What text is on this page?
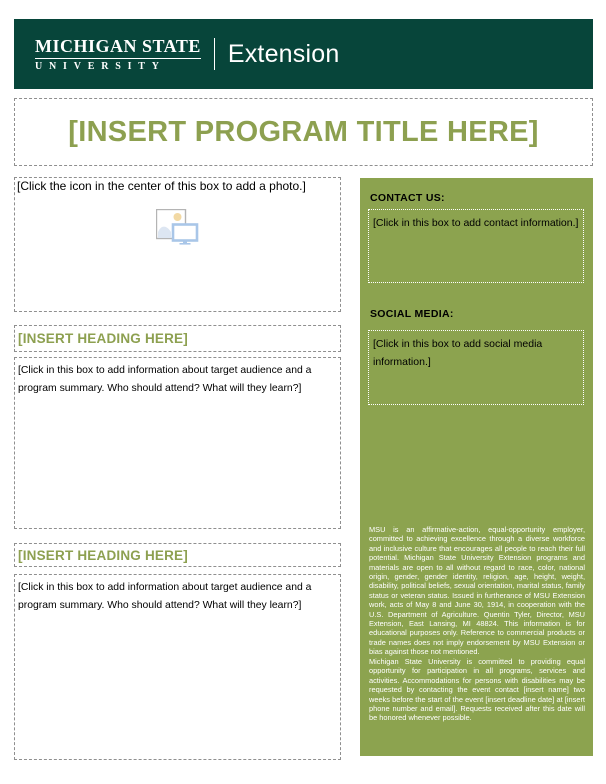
MICHIGAN STATE
UNIVERSITY	Extension
[INSERT PROGRAM TITLE HERE]
[Click the icon in the center of this box to add a photo.]
[INSERT HEADING HERE]
[Click in this box to add information about target audience and a program summary. Who should attend? What will they learn?]
[INSERT HEADING HERE]
[Click in this box to add information about target audience and a program summary. Who should attend? What will they learn?]
CONTACT US:
[Click in this box to add contact information.]
SOCIAL MEDIA:
[Click in this box to add social media information.]

MSU is an affirmative-action, equal-opportunity employer, committed to achieving excellence through a diverse workforce and inclusive culture that encourages all people to reach their full potential. Michigan State University Extension programs and materials are open to all without regard to race, color, national origin, gender, gender identity, religion, age, height, weight, disability, political beliefs, sexual orientation, marital status, family status or veteran status. Issued in furtherance of MSU Extension work, acts of May 8 and June 30, 1914, in cooperation with the U.S. Department of Agriculture. Quentin Tyler, Director, MSU Extension, East Lansing, MI 48824. This information is for educational purposes only. Reference to commercial products or trade names does not imply endorsement by MSU Extension or bias against those not mentioned.

Michigan State University is committed to providing equal opportunity for participation in all programs, services and activities. Accommodations for persons with disabilities may be requested by contacting the event contact [insert name] two weeks before the start of the event [insert deadline date] at [insert phone number and email]. Requests received after this date will be honored whenever possible.
